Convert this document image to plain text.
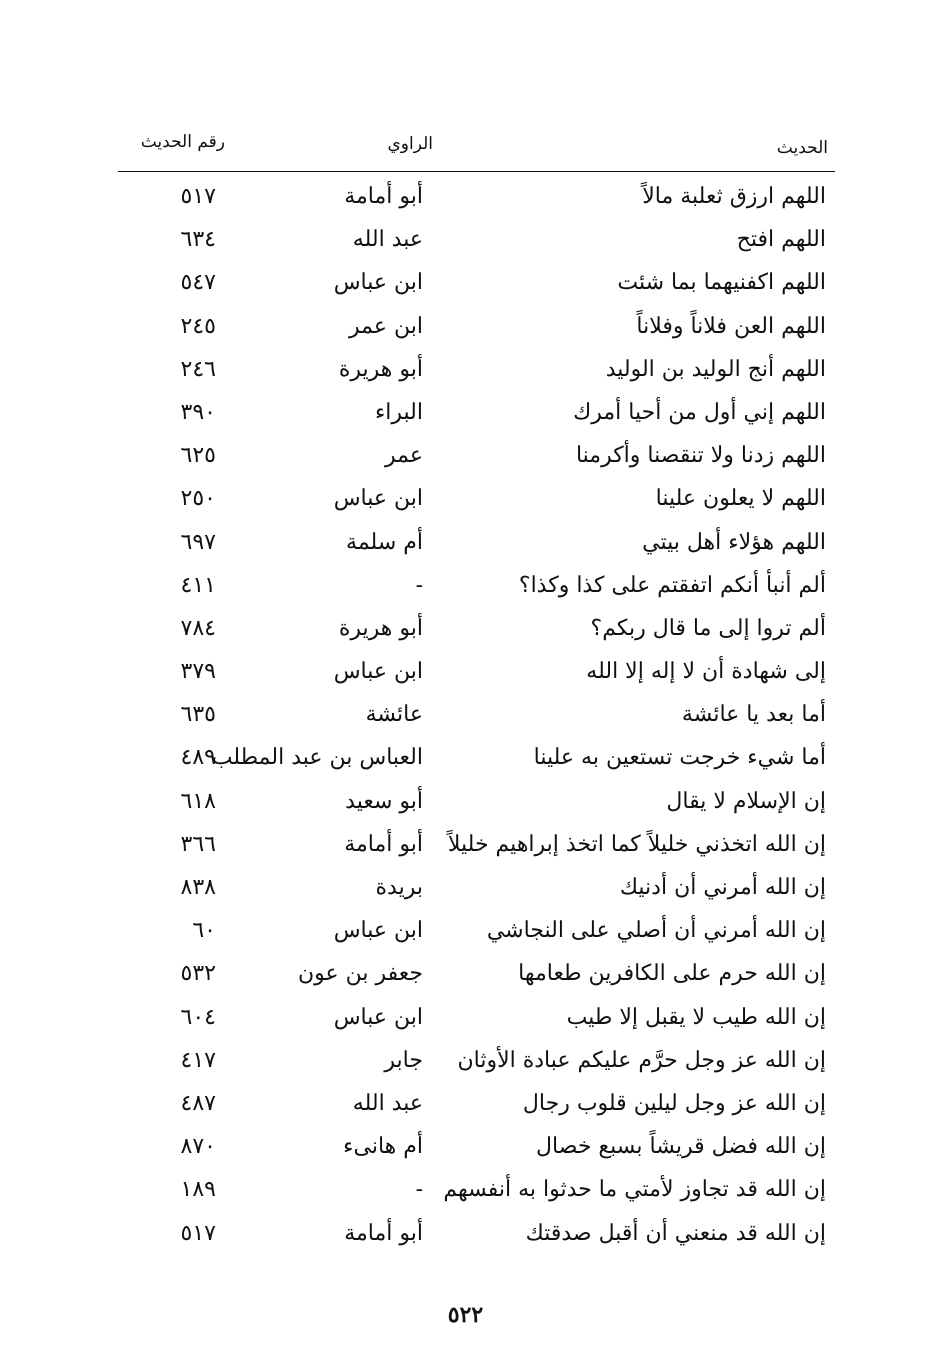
الحديث
الراوي
رقم الحديث
اللهم ارزق ثعلبة مالاً
أبو أمامة
٥١٧
اللهم افتح
عبد الله
٦٣٤
اللهم اكفنيهما بما شئت
ابن عباس
٥٤٧
اللهم العن فلاناً وفلاناً
ابن عمر
٢٤٥
اللهم أنج الوليد بن الوليد
أبو هريرة
٢٤٦
اللهم إني أول من أحيا أمرك
البراء
٣٩٠
اللهم زدنا ولا تنقصنا وأكرمنا
عمر
٦٢٥
اللهم لا يعلون علينا
ابن عباس
٢٥٠
اللهم هؤلاء أهل بيتي
أم سلمة
٦٩٧
ألم أنبأ أنكم اتفقتم على كذا وكذا؟
-
٤١١
ألم تروا إلى ما قال ربكم؟
أبو هريرة
٧٨٤
إلى شهادة أن لا إله إلا الله
ابن عباس
٣٧٩
أما بعد يا عائشة
عائشة
٦٣٥
أما شيء خرجت تستعين به علينا
العباس بن عبد المطلب
٤٨٩
إن الإسلام لا يقال
أبو سعيد
٦١٨
إن الله اتخذني خليلاً كما اتخذ إبراهيم خليلاً
أبو أمامة
٣٦٦
إن الله أمرني أن أدنيك
بريدة
٨٣٨
إن الله أمرني أن أصلي على النجاشي
ابن عباس
٦٠
إن الله حرم على الكافرين طعامها
جعفر بن عون
٥٣٢
إن الله طيب لا يقبل إلا طيب
ابن عباس
٦٠٤
إن الله عز وجل حرَّم عليكم عبادة الأوثان
جابر
٤١٧
إن الله عز وجل ليلين قلوب رجال
عبد الله
٤٨٧
إن الله فضل قريشاً بسبع خصال
أم هانىء
٨٧٠
إن الله قد تجاوز لأمتي ما حدثوا به أنفسهم
-
١٨٩
إن الله قد منعني أن أقبل صدقتك
أبو أمامة
٥١٧
٥٢٢
